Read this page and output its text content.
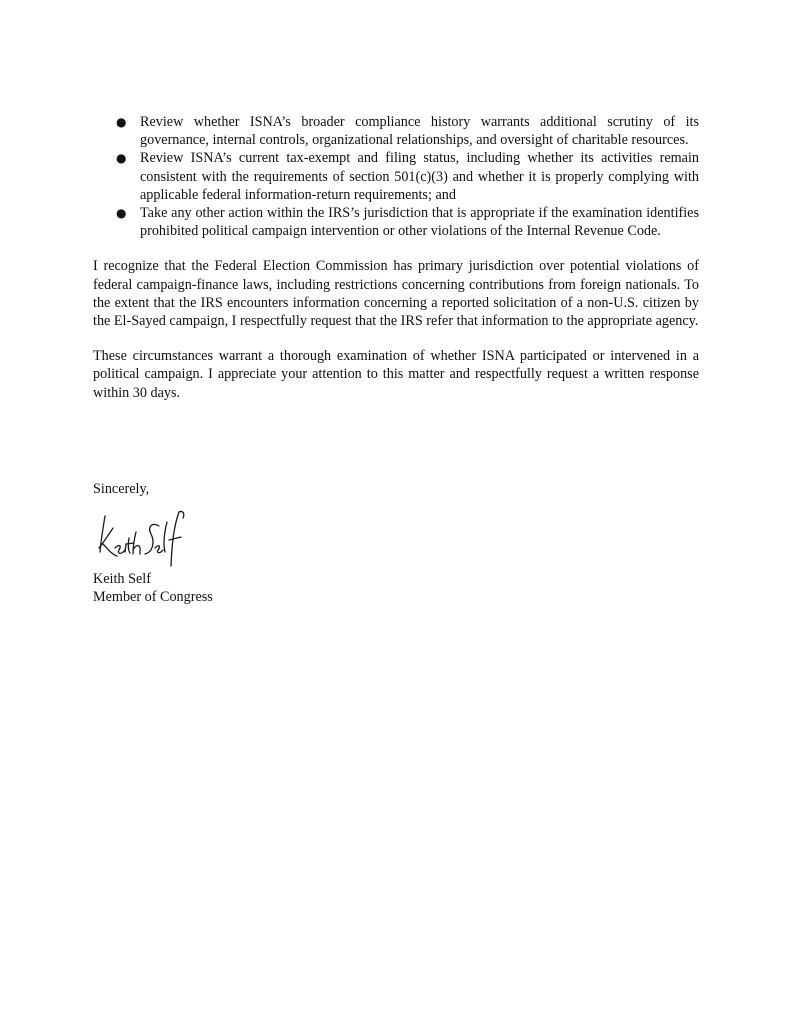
● Review whether ISNA’s broader compliance history warrants additional scrutiny of its governance, internal controls, organizational relationships, and oversight of charitable resources.
● Review ISNA’s current tax-exempt and filing status, including whether its activities remain consistent with the requirements of section 501(c)(3) and whether it is properly complying with applicable federal information-return requirements; and
● Take any other action within the IRS’s jurisdiction that is appropriate if the examination identifies prohibited political campaign intervention or other violations of the Internal Revenue Code.

I recognize that the Federal Election Commission has primary jurisdiction over potential violations of federal campaign-finance laws, including restrictions concerning contributions from foreign nationals. To the extent that the IRS encounters information concerning a reported solicitation of a non-U.S. citizen by the El-Sayed campaign, I respectfully request that the IRS refer that information to the appropriate agency.

These circumstances warrant a thorough examination of whether ISNA participated or intervened in a political campaign. I appreciate your attention to this matter and respectfully request a written response within 30 days.

Sincerely,
Keith Self
Member of Congress
